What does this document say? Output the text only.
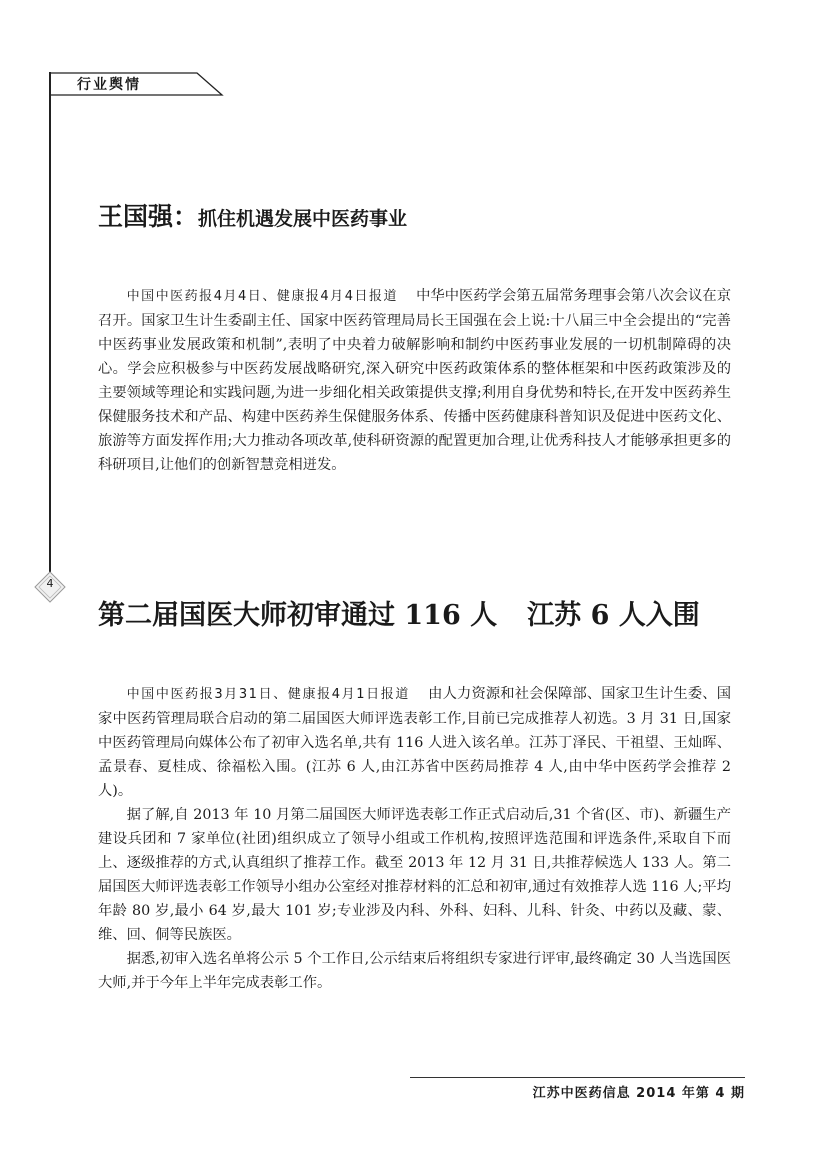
行业舆情
王国强：抓住机遇发展中医药事业

中国中医药报4月4日、健康报4月4日报道 中华中医药学会第五届常务理事会第八次会议在京召开。国家卫生计生委副主任、国家中医药管理局局长王国强在会上说:十八届三中全会提出的“完善中医药事业发展政策和机制”,表明了中央着力破解影响和制约中医药事业发展的一切机制障碍的决心。学会应积极参与中医药发展战略研究,深入研究中医药政策体系的整体框架和中医药政策涉及的主要领域等理论和实践问题,为进一步细化相关政策提供支撑;利用自身优势和特长,在开发中医药养生保健服务技术和产品、构建中医药养生保健服务体系、传播中医药健康科普知识及促进中医药文化、旅游等方面发挥作用;大力推动各项改革,使科研资源的配置更加合理,让优秀科技人才能够承担更多的科研项目,让他们的创新智慧竞相迸发。

4
第二届国医大师初审通过 116 人 江苏 6 人入围

中国中医药报3月31日、健康报4月1日报道 由人力资源和社会保障部、国家卫生计生委、国家中医药管理局联合启动的第二届国医大师评选表彰工作,目前已完成推荐人初选。3 月 31 日,国家中医药管理局向媒体公布了初审入选名单,共有 116 人进入该名单。江苏丁泽民、干祖望、王灿晖、孟景春、夏桂成、徐福松入围。(江苏 6 人,由江苏省中医药局推荐 4 人,由中华中医药学会推荐 2 人)。

据了解,自 2013 年 10 月第二届国医大师评选表彰工作正式启动后,31 个省(区、市)、新疆生产建设兵团和 7 家单位(社团)组织成立了领导小组或工作机构,按照评选范围和评选条件,采取自下而上、逐级推荐的方式,认真组织了推荐工作。截至 2013 年 12 月 31 日,共推荐候选人 133 人。第二届国医大师评选表彰工作领导小组办公室经对推荐材料的汇总和初审,通过有效推荐人选 116 人;平均年龄 80 岁,最小 64 岁,最大 101 岁;专业涉及内科、外科、妇科、儿科、针灸、中药以及藏、蒙、维、回、侗等民族医。

据悉,初审入选名单将公示 5 个工作日,公示结束后将组织专家进行评审,最终确定 30 人当选国医大师,并于今年上半年完成表彰工作。

江苏中医药信息 2014 年第 4 期
